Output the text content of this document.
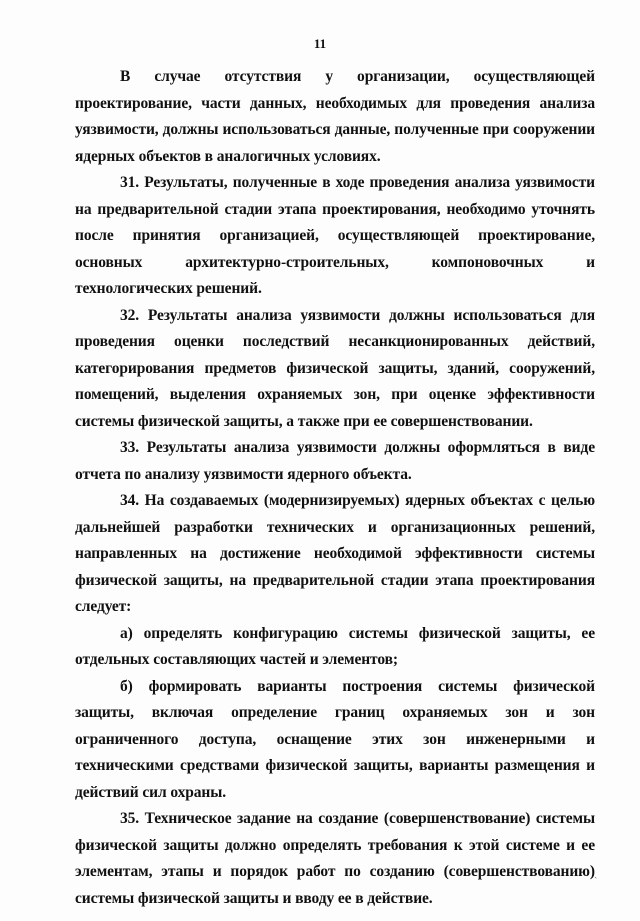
11

В случае отсутствия у организации, осуществляющей проектирование, части данных, необходимых для проведения анализа уязвимости, должны использоваться данные, полученные при сооружении ядерных объектов в аналогичных условиях.

31. Результаты, полученные в ходе проведения анализа уязвимости на предварительной стадии этапа проектирования, необходимо уточнять после принятия организацией, осуществляющей проектирование, основных архитектурно-строительных, компоновочных и технологических решений.

32. Результаты анализа уязвимости должны использоваться для проведения оценки последствий несанкционированных действий, категорирования предметов физической защиты, зданий, сооружений, помещений, выделения охраняемых зон, при оценке эффективности системы физической защиты, а также при ее совершенствовании.

33. Результаты анализа уязвимости должны оформляться в виде отчета по анализу уязвимости ядерного объекта.

34. На создаваемых (модернизируемых) ядерных объектах с целью дальнейшей разработки технических и организационных решений, направленных на достижение необходимой эффективности системы физической защиты, на предварительной стадии этапа проектирования следует:

а) определять конфигурацию системы физической защиты, ее отдельных составляющих частей и элементов;

б) формировать варианты построения системы физической защиты, включая определение границ охраняемых зон и зон ограниченного доступа, оснащение этих зон инженерными и техническими средствами физической защиты, варианты размещения и действий сил охраны.

35. Техническое задание на создание (совершенствование) системы физической защиты должно определять требования к этой системе и ее элементам, этапы и порядок работ по созданию (совершенствованию) системы физической защиты и вводу ее в действие.

ˎ
